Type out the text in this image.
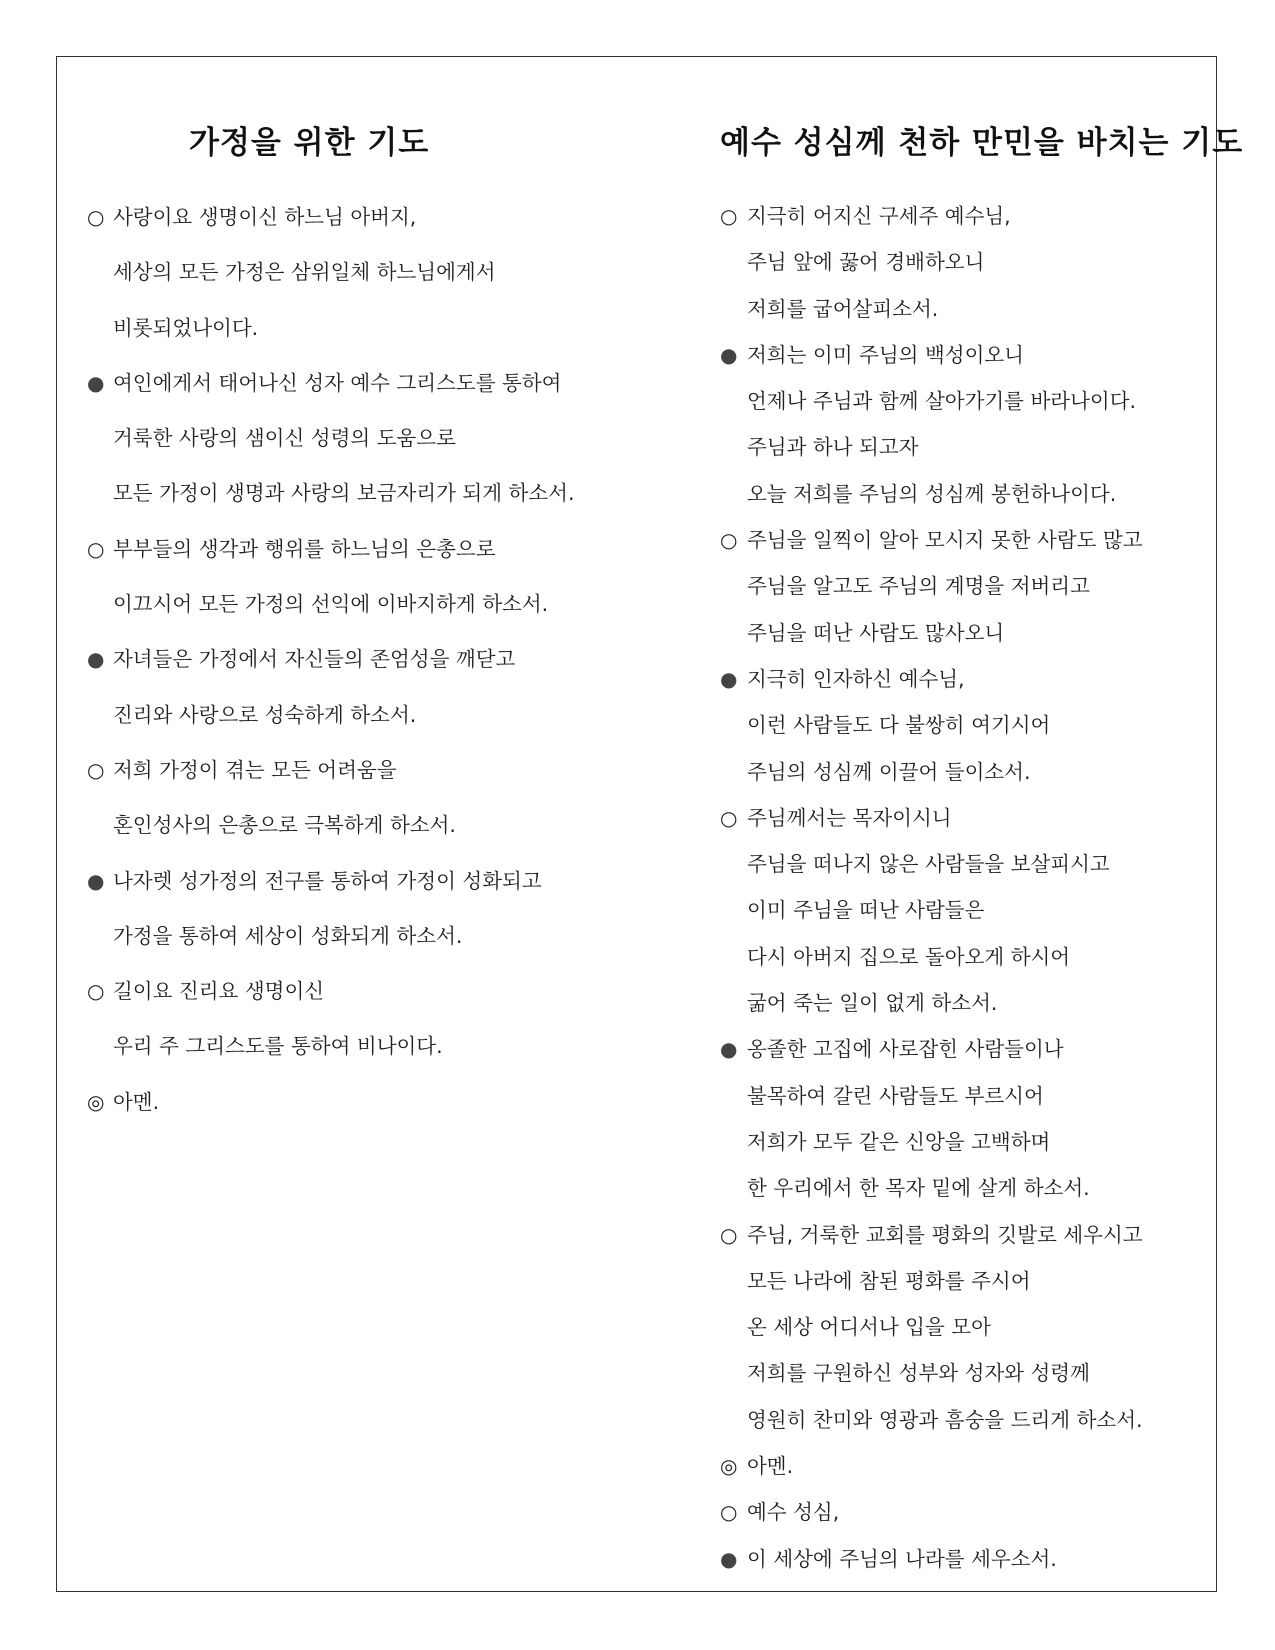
가정을 위한 기도
○ 사랑이요 생명이신 하느님 아버지,
세상의 모든 가정은 삼위일체 하느님에게서
비롯되었나이다.
● 여인에게서 태어나신 성자 예수 그리스도를 통하여
거룩한 사랑의 샘이신 성령의 도움으로
모든 가정이 생명과 사랑의 보금자리가 되게 하소서.
○ 부부들의 생각과 행위를 하느님의 은총으로
이끄시어 모든 가정의 선익에 이바지하게 하소서.
● 자녀들은 가정에서 자신들의 존엄성을 깨닫고
진리와 사랑으로 성숙하게 하소서.
○ 저희 가정이 겪는 모든 어려움을
혼인성사의 은총으로 극복하게 하소서.
● 나자렛 성가정의 전구를 통하여 가정이 성화되고
가정을 통하여 세상이 성화되게 하소서.
○ 길이요 진리요 생명이신
우리 주 그리스도를 통하여 비나이다.
◎ 아멘.
예수 성심께 천하 만민을 바치는 기도
○ 지극히 어지신 구세주 예수님,
주님 앞에 꿇어 경배하오니
저희를 굽어살피소서.
● 저희는 이미 주님의 백성이오니
언제나 주님과 함께 살아가기를 바라나이다.
주님과 하나 되고자
오늘 저희를 주님의 성심께 봉헌하나이다.
○ 주님을 일찍이 알아 모시지 못한 사람도 많고
주님을 알고도 주님의 계명을 저버리고
주님을 떠난 사람도 많사오니
● 지극히 인자하신 예수님,
이런 사람들도 다 불쌍히 여기시어
주님의 성심께 이끌어 들이소서.
○ 주님께서는 목자이시니
주님을 떠나지 않은 사람들을 보살피시고
이미 주님을 떠난 사람들은
다시 아버지 집으로 돌아오게 하시어
굶어 죽는 일이 없게 하소서.
● 옹졸한 고집에 사로잡힌 사람들이나
불목하여 갈린 사람들도 부르시어
저희가 모두 같은 신앙을 고백하며
한 우리에서 한 목자 밑에 살게 하소서.
○ 주님, 거룩한 교회를 평화의 깃발로 세우시고
모든 나라에 참된 평화를 주시어
온 세상 어디서나 입을 모아
저희를 구원하신 성부와 성자와 성령께
영원히 찬미와 영광과 흠숭을 드리게 하소서.
◎ 아멘.
○ 예수 성심,
● 이 세상에 주님의 나라를 세우소서.
